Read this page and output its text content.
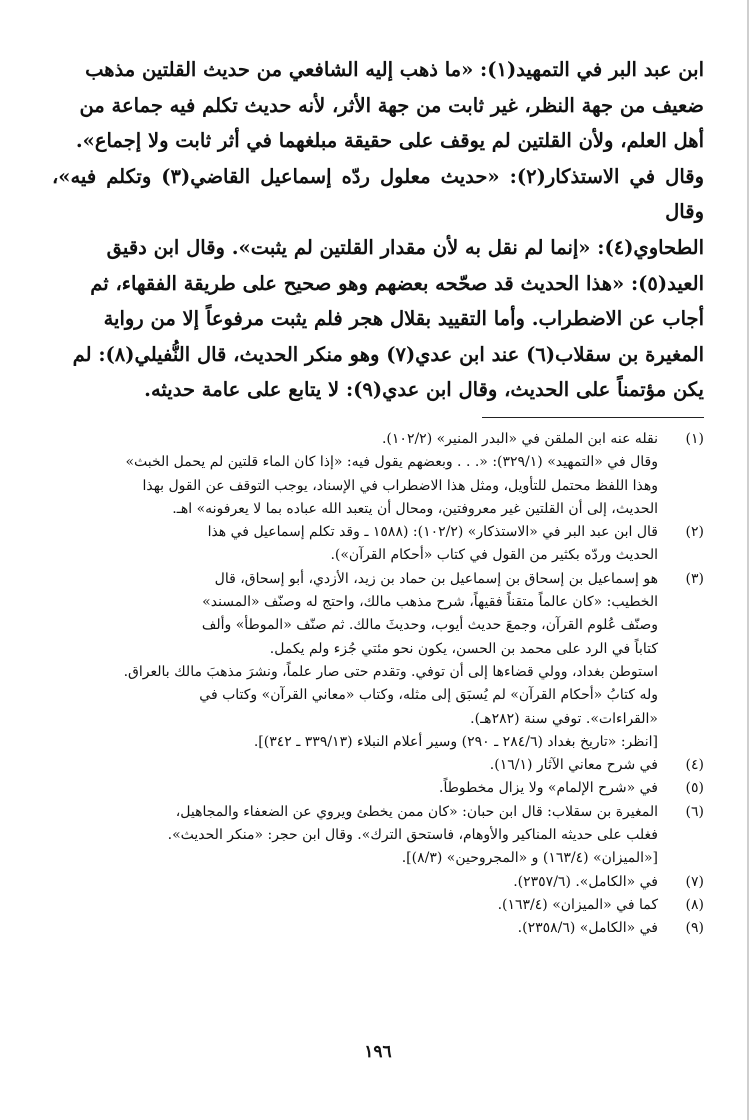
ابن عبد البر في التمهيد(١): «ما ذهب إليه الشافعي من حديث القلتين مذهب

ضعيف من جهة النظر، غير ثابت من جهة الأثر، لأنه حديث تكلم فيه جماعة من

أهل العلم، ولأن القلتين لم يوقف على حقيقة مبلغهما في أثر ثابت ولا إجماع».

وقال في الاستذكار(٢): «حديث معلول ردّه إسماعيل القاضي(٣) وتكلم فيه»، وقال

الطحاوي(٤): «إنما لم نقل به لأن مقدار القلتين لم يثبت». وقال ابن دقيق

العيد(٥): «هذا الحديث قد صحّحه بعضهم وهو صحيح على طريقة الفقهاء، ثم

أجاب عن الاضطراب. وأما التقييد بقلال هجر فلم يثبت مرفوعاً إلا من رواية

المغيرة بن سقلاب(٦) عند ابن عدي(٧) وهو منكر الحديث، قال النُّفيلي(٨): لم

يكن مؤتمناً على الحديث، وقال ابن عدي(٩): لا يتابع على عامة حديثه.

(١)
نقله عنه ابن الملقن في «البدر المنير» (١٠٢/٢).
وقال في «التمهيد» (٣٢٩/١): «. . . وبعضهم يقول فيه: «إذا كان الماء قلتين لم يحمل الخبث»
وهذا اللفظ محتمل للتأويل، ومثل هذا الاضطراب في الإسناد، يوجب التوقف عن القول بهذا
الحديث، إلى أن القلتين غير معروفتين، ومحال أن يتعبد الله عباده بما لا يعرفونه» اهـ.
(٢)
قال ابن عبد البر في «الاستذكار» (١٠٢/٢): (١٥٨٨ ـ وقد تكلم إسماعيل في هذا
الحديث وردّه بكثير من القول في كتاب «أحكام القرآن»).
(٣)
هو إسماعيل بن إسحاق بن إسماعيل بن حماد بن زيد، الأزدي، أبو إسحاق، قال
الخطيب: «كان عالماً متقناً فقيهاً، شرح مذهب مالك، واحتج له وصنّف «المسند»
وصنّف عُلوم القرآن، وجمعَ حديث أيوب، وحديثَ مالك. ثم صنّف «الموطأ» وألف
كتاباً في الرد على محمد بن الحسن، يكون نحو مئتي جُزء ولم يكمل.
استوطن بغداد، وولي قضاءها إلى أن توفي. وتقدم حتى صار علماً، ونشرَ مذهبَ مالك بالعراق.
وله كتابُ «أحكام القرآن» لم يُسبَق إلى مثله، وكتاب «معاني القرآن» وكتاب في
«القراءات». توفي سنة (٢٨٢هـ).
[انظر: «تاريخ بغداد (٢٨٤/٦ ـ ٢٩٠) وسير أعلام النبلاء (٣٣٩/١٣ ـ ٣٤٢)].
(٤)
في شرح معاني الآثار (١٦/١).
(٥)
في «شرح الإلمام» ولا يزال مخطوطاً.
(٦)
المغيرة بن سقلاب: قال ابن حبان: «كان ممن يخطئ ويروي عن الضعفاء والمجاهيل،
فغلب على حديثه المناكير والأوهام، فاستحق الترك». وقال ابن حجر: «منكر الحديث».
[«الميزان» (١٦٣/٤) و «المجروحين» (٨/٣)].
(٧)
في «الكامل». (٢٣٥٧/٦).
(٨)
كما في «الميزان» (١٦٣/٤).
(٩)
في «الكامل» (٢٣٥٨/٦).
١٩٦
